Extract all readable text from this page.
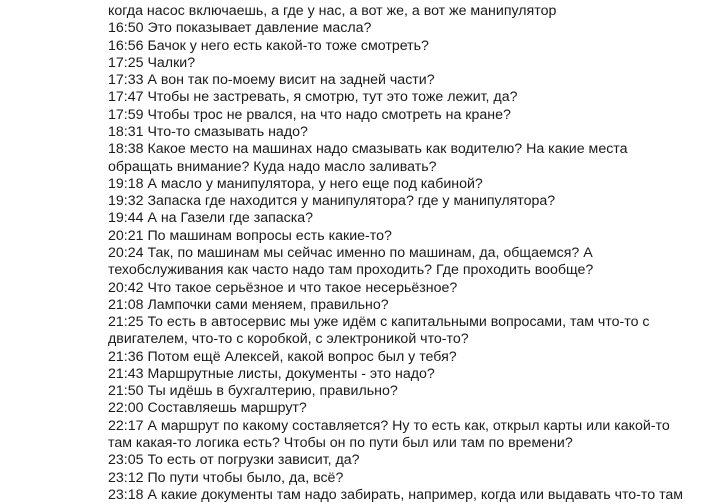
когда насос включаешь, а где у нас, а вот же, а вот же манипулятор
16:50 Это показывает давление масла?
16:56 Бачок у него есть какой-то тоже смотреть?
17:25 Чалки?
17:33 А вон так по-моему висит на задней части?
17:47 Чтобы не застревать, я смотрю, тут это тоже лежит, да?
17:59 Чтобы трос не рвался, на что надо смотреть на кране?
18:31 Что-то смазывать надо?
18:38 Какое место на машинах надо смазывать как водителю? На какие места
обращать внимание? Куда надо масло заливать?
19:18 А масло у манипулятора, у него еще под кабиной?
19:32 Запаска где находится у манипулятора? где у манипулятора?
19:44 А на Газели где запаска?
20:21 По машинам вопросы есть какие-то?
20:24 Так, по машинам мы сейчас именно по машинам, да, общаемся? А
техобслуживания как часто надо там проходить? Где проходить вообще?
20:42 Что такое серьёзное и что такое несерьёзное?
21:08 Лампочки сами меняем, правильно?
21:25 То есть в автосервис мы уже идём с капитальными вопросами, там что-то с
двигателем, что-то с коробкой, с электроникой что-то?
21:36 Потом ещё Алексей, какой вопрос был у тебя?
21:43 Маршрутные листы, документы - это надо?
21:50 Ты идёшь в бухгалтерию, правильно?
22:00 Составляешь маршрут?
22:17 А маршрут по какому составляется? Ну то есть как, открыл карты или какой-то
там какая-то логика есть? Чтобы он по пути был или там по времени?
23:05 То есть от погрузки зависит, да?
23:12 По пути чтобы было, да, всё?
23:18 А какие документы там надо забирать, например, когда или выдавать что-то там
